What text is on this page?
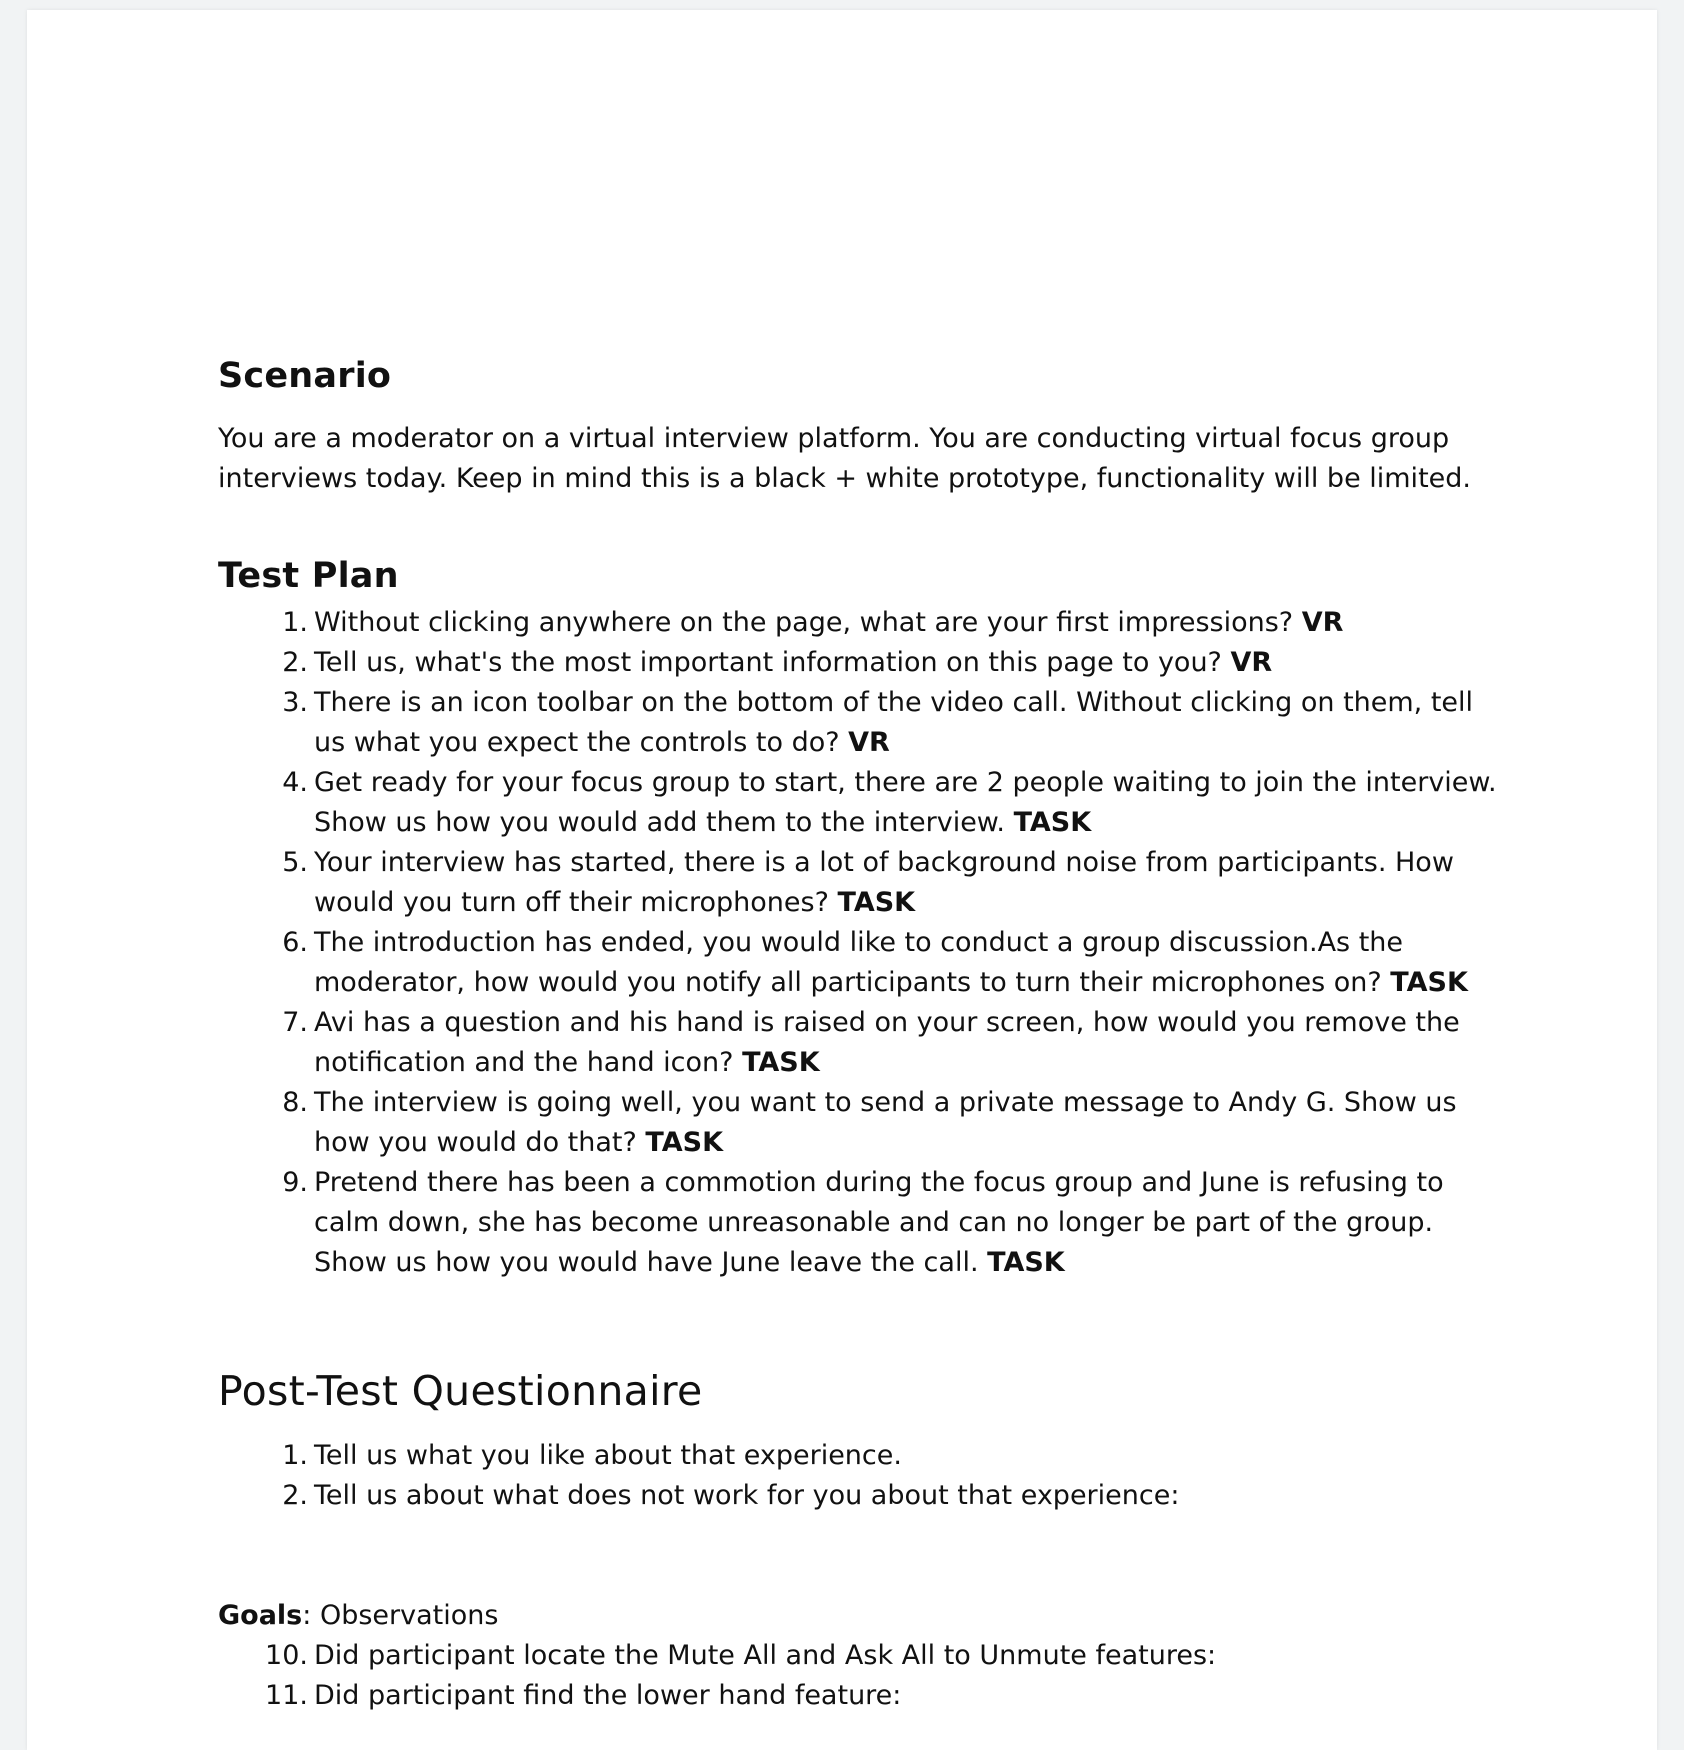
Scenario

You are a moderator on a virtual interview platform. You are conducting virtual focus group interviews today. Keep in mind this is a black + white prototype, functionality will be limited.

Test Plan
1. Without clicking anywhere on the page, what are your first impressions? VR
2. Tell us, what's the most important information on this page to you? VR
3. There is an icon toolbar on the bottom of the video call. Without clicking on them, tell us what you expect the controls to do? VR
4. Get ready for your focus group to start, there are 2 people waiting to join the interview. Show us how you would add them to the interview. TASK
5. Your interview has started, there is a lot of background noise from participants. How would you turn off their microphones? TASK
6. The introduction has ended, you would like to conduct a group discussion.As the moderator, how would you notify all participants to turn their microphones on? TASK
7. Avi has a question and his hand is raised on your screen, how would you remove the notification and the hand icon? TASK
8. The interview is going well, you want to send a private message to Andy G. Show us how you would do that? TASK
9. Pretend there has been a commotion during the focus group and June is refusing to calm down, she has become unreasonable and can no longer be part of the group. Show us how you would have June leave the call. TASK
Post-Test Questionnaire
1. Tell us what you like about that experience.
2. Tell us about what does not work for you about that experience:

Goals: Observations

10. Did participant locate the Mute All and Ask All to Unmute features:
11. Did participant find the lower hand feature:
